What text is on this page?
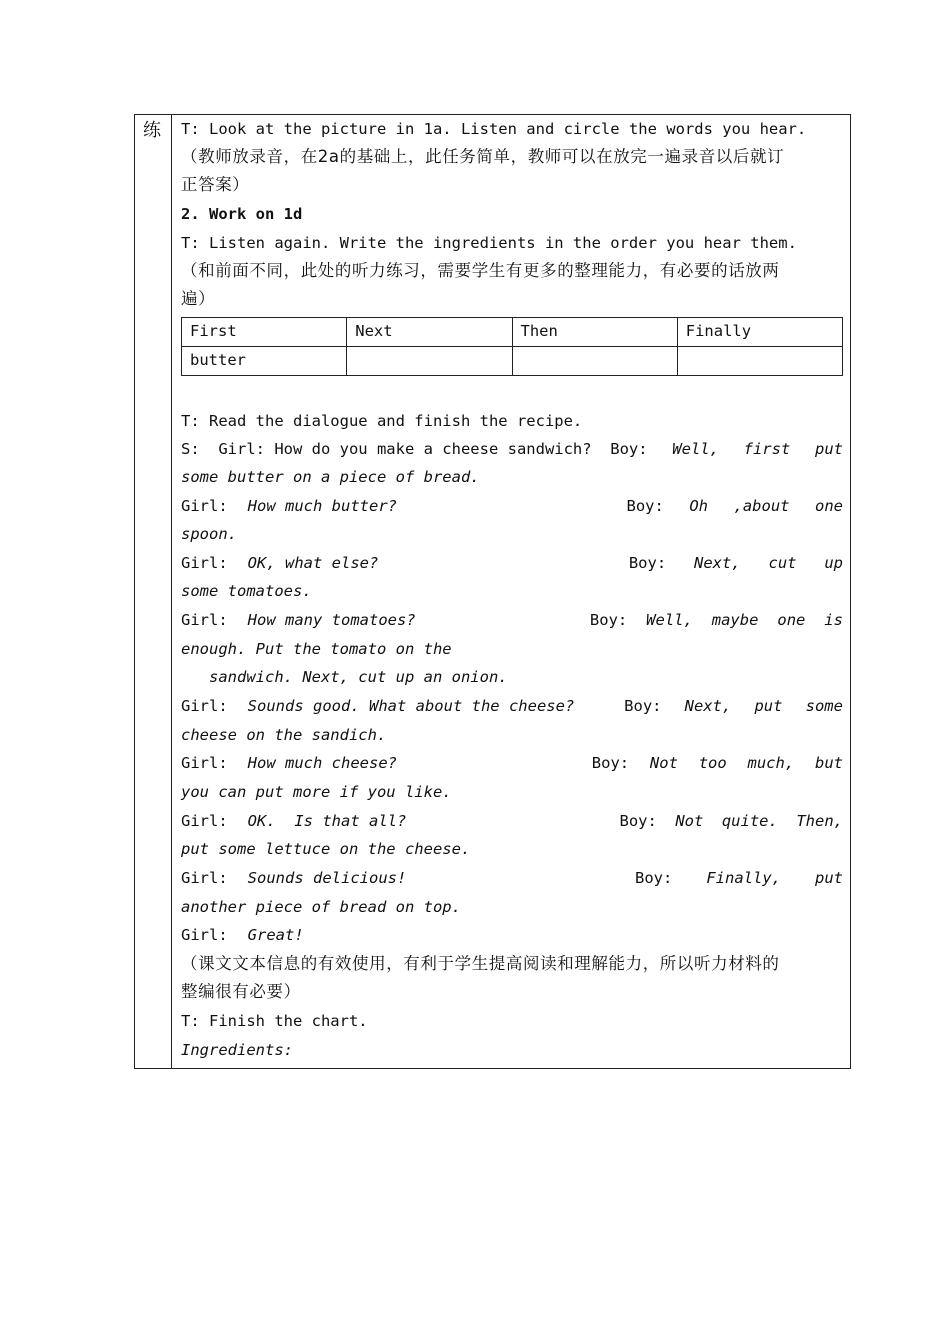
练 T: Look at the picture in 1a. Listen and circle the words you hear.
（教师放录音，在2a的基础上，此任务简单，教师可以在放完一遍录音以后就订
正答案）
2. Work on 1d
T: Listen again. Write the ingredients in the order you hear them.
（和前面不同，此处的听力练习，需要学生有更多的整理能力，有必要的话放两
遍）
First	Next	Then	Finally
butter			
T: Read the dialogue and finish the recipe.
S:  Girl: How do you make a cheese sandwich?  Boy: Well, first put
some butter on a piece of bread.
Girl: How much butter?	Boy: Oh ,about one
spoon.
Girl: OK, what else?	Boy: Next, cut up
some tomatoes.
Girl: How many tomatoes?	Boy: Well, maybe one is
enough. Put the tomato on the
sandwich. Next, cut up an onion.
Girl: Sounds good. What about the cheese?	Boy: Next, put some
cheese on the sandich.
Girl: How much cheese?	Boy: Not too much, but
you can put more if you like.
Girl: OK.  Is that all?	Boy: Not quite. Then,
put some lettuce on the cheese.
Girl: Sounds delicious!	Boy: Finally, put
another piece of bread on top.
Girl: Great!
（课文文本信息的有效使用，有利于学生提高阅读和理解能力，所以听力材料的
整编很有必要）
T: Finish the chart.
Ingredients:
